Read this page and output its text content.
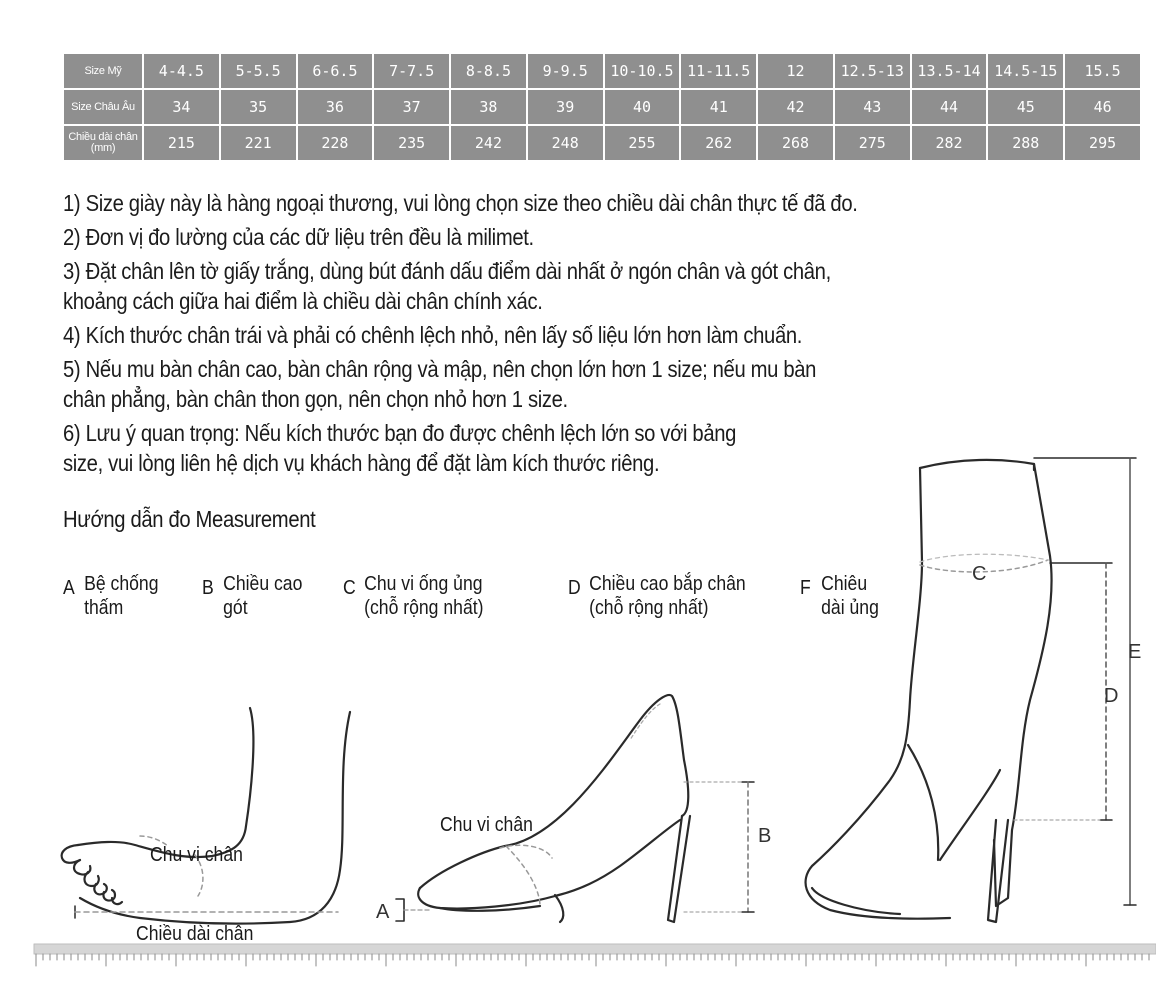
Size Mỹ	4-4.5	5-5.5	6-6.5	7-7.5	8-8.5	9-9.5	10-10.5	11-11.5	12	12.5-13	13.5-14	14.5-15	15.5
Size Châu Âu	34	35	36	37	38	39	40	41	42	43	44	45	46
Chiều dài chân (mm)	215	221	228	235	242	248	255	262	268	275	282	288	295
1) Size giày này là hàng ngoại thương, vui lòng chọn size theo chiều dài chân thực tế đã đo.
2) Đơn vị đo lường của các dữ liệu trên đều là milimet.
3) Đặt chân lên tờ giấy trắng, dùng bút đánh dấu điểm dài nhất ở ngón chân và gót chân,
khoảng cách giữa hai điểm là chiều dài chân chính xác.
4) Kích thước chân trái và phải có chênh lệch nhỏ, nên lấy số liệu lớn hơn làm chuẩn.
5) Nếu mu bàn chân cao, bàn chân rộng và mập, nên chọn lớn hơn 1 size; nếu mu bàn
chân phẳng, bàn chân thon gọn, nên chọn nhỏ hơn 1 size.
6) Lưu ý quan trọng: Nếu kích thước bạn đo được chênh lệch lớn so với bảng
size, vui lòng liên hệ dịch vụ khách hàng để đặt làm kích thước riêng.
Hướng dẫn đo Measurement
A Bệ chống
thấm
B Chiều cao
gót
C Chu vi ống ủng
(chỗ rộng nhất)
D Chiều cao bắp chân
(chỗ rộng nhất)
F Chiêu
dài ủng
Chu vi chân
Chiều dài chân
Chu vi chân
A
B
C
D
E
